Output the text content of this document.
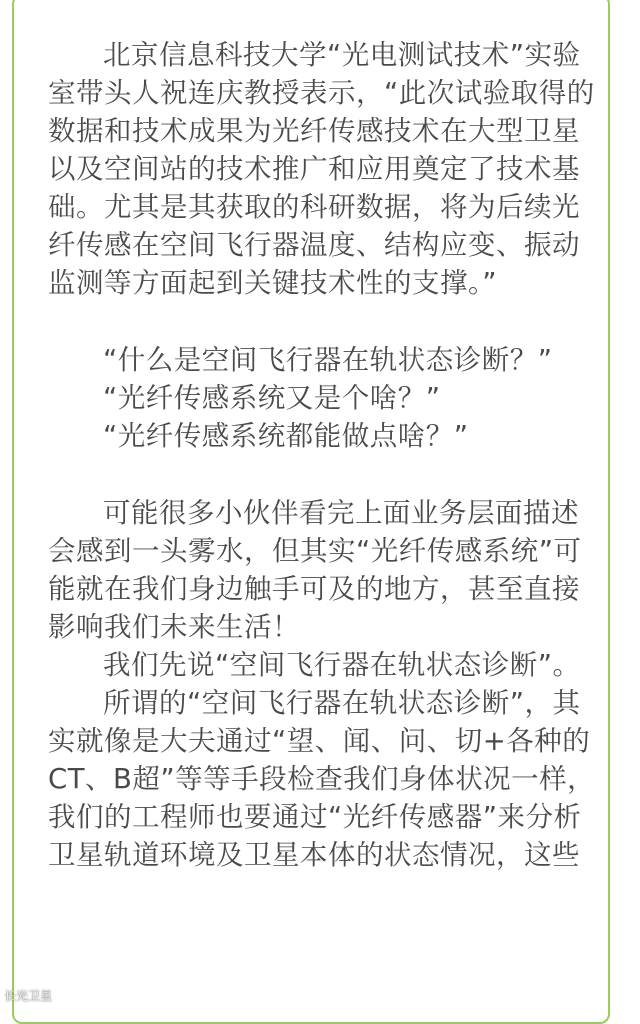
北京信息科技大学“光电测试技术”实验室带头人祝连庆教授表示，“此次试验取得的数据和技术成果为光纤传感技术在大型卫星以及空间站的技术推广和应用奠定了技术基础。尤其是其获取的科研数据，将为后续光纤传感在空间飞行器温度、结构应变、振动监测等方面起到关键技术性的支撑。”

“什么是空间飞行器在轨状态诊断？”

“光纤传感系统又是个啥？”

“光纤传感系统都能做点啥？”

可能很多小伙伴看完上面业务层面描述会感到一头雾水，但其实“光纤传感系统”可能就在我们身边触手可及的地方，甚至直接影响我们未来生活！

我们先说“空间飞行器在轨状态诊断”。

所谓的“空间飞行器在轨状态诊断”，其实就像是大夫通过“望、闻、问、切+各种的CT、B超”等等手段检查我们身体状况一样，我们的工程师也要通过“光纤传感器”来分析卫星轨道环境及卫星本体的状态情况，这些

长光卫星
